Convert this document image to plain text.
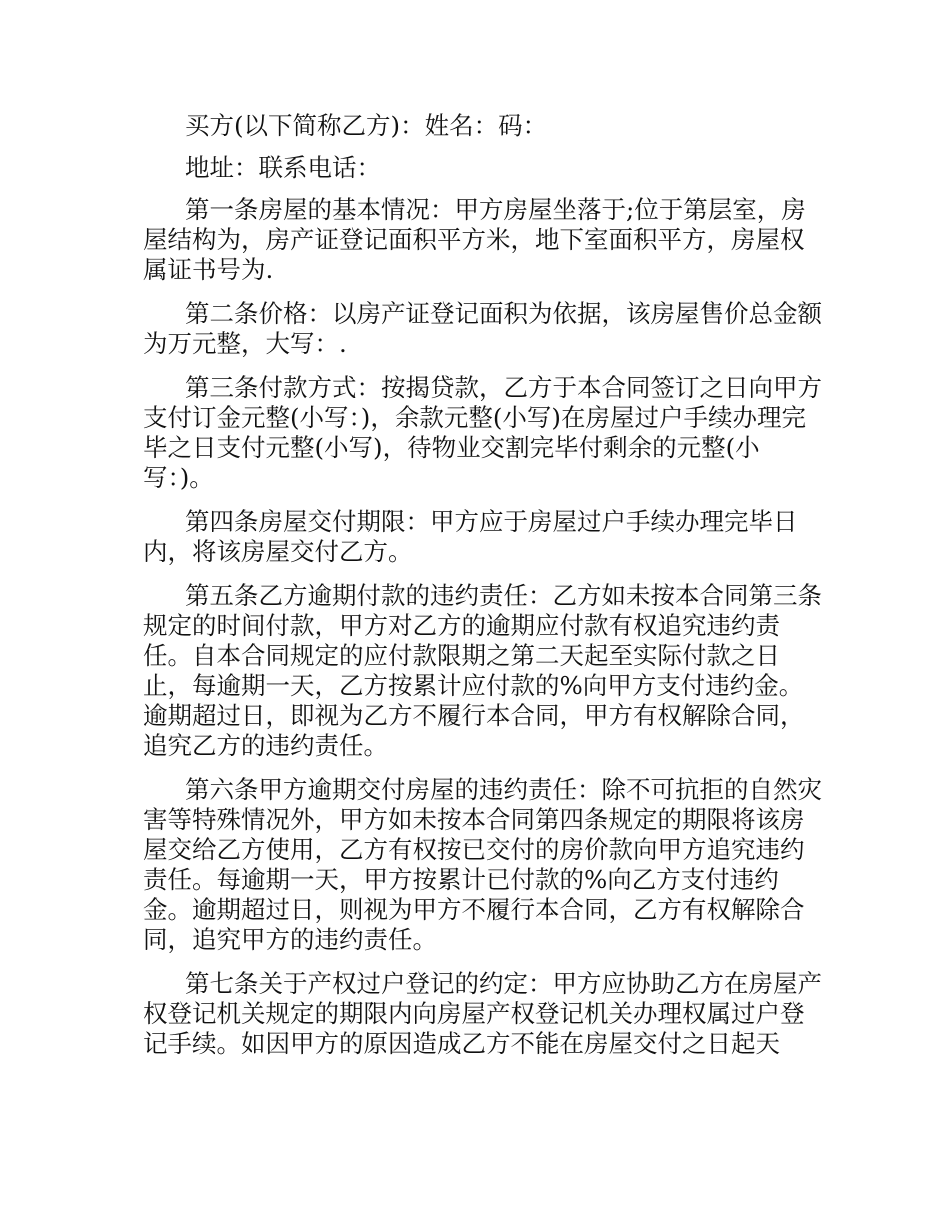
买方(以下简称乙方)：姓名：码：

地址：联系电话：

第一条房屋的基本情况：甲方房屋坐落于;位于第层室，房屋结构为，房产证登记面积平方米，地下室面积平方，房屋权属证书号为.

第二条价格：以房产证登记面积为依据，该房屋售价总金额为万元整，大写：.

第三条付款方式：按揭贷款，乙方于本合同签订之日向甲方支付订金元整(小写：)，余款元整(小写)在房屋过户手续办理完毕之日支付元整(小写)，待物业交割完毕付剩余的元整(小写：)。

第四条房屋交付期限：甲方应于房屋过户手续办理完毕日内，将该房屋交付乙方。

第五条乙方逾期付款的违约责任：乙方如未按本合同第三条规定的时间付款，甲方对乙方的逾期应付款有权追究违约责任。自本合同规定的应付款限期之第二天起至实际付款之日止，每逾期一天，乙方按累计应付款的%向甲方支付违约金。逾期超过日，即视为乙方不履行本合同，甲方有权解除合同，追究乙方的违约责任。

第六条甲方逾期交付房屋的违约责任：除不可抗拒的自然灾害等特殊情况外，甲方如未按本合同第四条规定的期限将该房屋交给乙方使用，乙方有权按已交付的房价款向甲方追究违约责任。每逾期一天，甲方按累计已付款的%向乙方支付违约金。逾期超过日，则视为甲方不履行本合同，乙方有权解除合同，追究甲方的违约责任。

第七条关于产权过户登记的约定：甲方应协助乙方在房屋产权登记机关规定的期限内向房屋产权登记机关办理权属过户登记手续。如因甲方的原因造成乙方不能在房屋交付之日起天
